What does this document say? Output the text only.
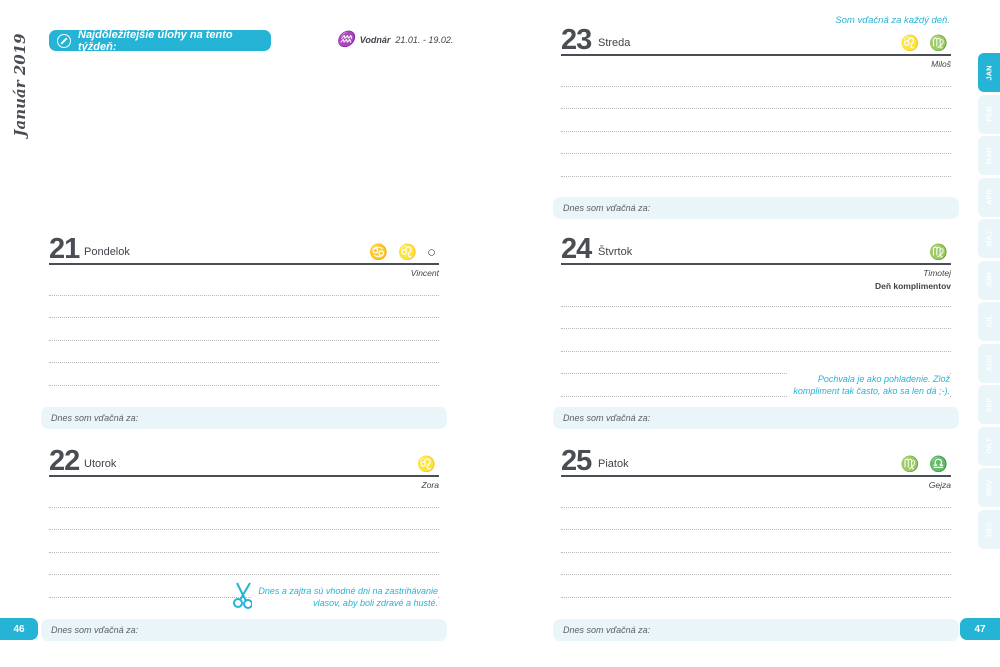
Január 2019	Najdôležitejšie úlohy na tento týždeň:	♒ Vodnár 21.01. - 19.02.
21 Pondelok	♋ ♌ ○
Vincent
Dnes som vďačná za:
22 Utorok	♌
Zora
Dnes a zajtra sú vhodné dni na zastrihávanie
vlasov, aby boli zdravé a husté.
Dnes som vďačná za:
46
Som vďačná za každý deň.
23 Streda	♌ ♍
Miloš
Dnes som vďačná za:
24 Štvrtok	♍
Timotej
Deň komplimentov
Pochvala je ako pohladenie. Zlož
kompliment tak často, ako sa len dá ;-).
Dnes som vďačná za:
25 Piatok	♍ ♎
Gejza
Dnes som vďačná za:	47
JAN
FEB
MAR
APR
MÁJ
JÚN
JÚL
AUG
SEP
OKT
NOV
DEC
